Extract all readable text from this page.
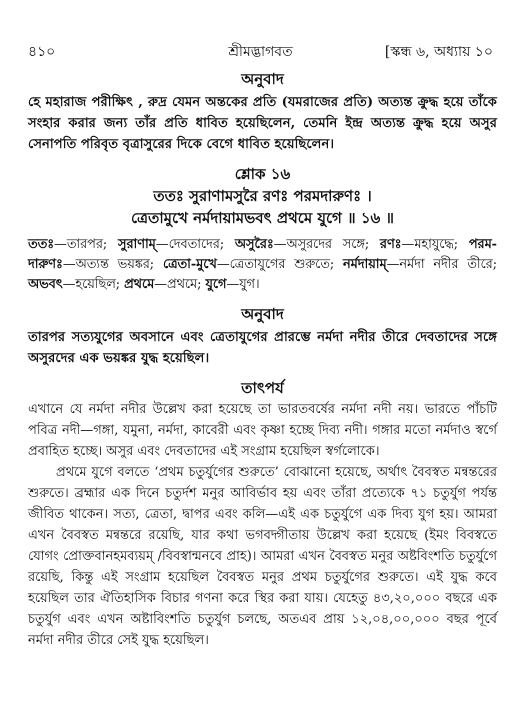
৪১০	শ্রীমদ্ভাগবত	[স্কন্ধ ৬, অধ্যায় ১০

অনুবাদ

হে মহারাজ পরীক্ষিৎ , রুদ্র যেমন অন্তকের প্রতি (যমরাজের প্রতি) অত্যন্ত ক্রুদ্ধ হয়ে তাঁকে সংহার করার জন্য তাঁর প্রতি ধাবিত হয়েছিলেন, তেমনি ইন্দ্র অত্যন্ত ক্রুদ্ধ হয়ে অসুর সেনাপতি পরিবৃত বৃত্রাসুরের দিকে বেগে ধাবিত হয়েছিলেন।

শ্লোক ১৬

ততঃ সুরাণামসুরৈ রণঃ পরমদারুণঃ ।

ত্রেতামুখে নর্মদায়ামভবৎ প্রথমে যুগে ॥ ১৬ ॥

ততঃ—তারপর; সুরাণাম্—দেবতাদের; অসুরৈঃ—অসুরদের সঙ্গে; রণঃ—মহাযুদ্ধে; পরম-দারুণঃ—অত্যন্ত ভয়ঙ্কর; ত্রেতা-মুখে—ত্রেতাযুগের শুরুতে; নর্মদায়াম্—নর্মদা নদীর তীরে; অভবৎ—হয়েছিল; প্রথমে—প্রথমে; যুগে—যুগ।

অনুবাদ

তারপর সত্যযুগের অবসানে এবং ত্রেতাযুগের প্রারম্ভে নর্মদা নদীর তীরে দেবতাদের সঙ্গে অসুরদের এক ভয়ঙ্কর যুদ্ধ হয়েছিল।

তাৎপর্য

এখানে যে নর্মদা নদীর উল্লেখ করা হয়েছে তা ভারতবর্ষের নর্মদা নদী নয়। ভারতে পাঁচটি পবিত্র নদী—গঙ্গা, যমুনা, নর্মদা, কাবেরী এবং কৃষ্ণা হচ্ছে দিব্য নদী। গঙ্গার মতো নর্মদাও স্বর্গে প্রবাহিত হচ্ছে। অসুর এবং দেবতাদের এই সংগ্রাম হয়েছিল স্বর্গলোকে।

প্রথমে যুগে বলতে ‘প্রথম চতুর্যুগের শুরুতে’ বোঝানো হয়েছে, অর্থাৎ বৈবস্বত মন্বন্তরের শুরুতে। ব্রহ্মার এক দিনে চতুর্দশ মনুর আবির্ভাব হয় এবং তাঁরা প্রত্যেকে ৭১ চতুর্যুগ পর্যন্ত জীবিত থাকেন। সত্য, ত্রেতা, দ্বাপর এবং কলি—এই এক চতুর্যুগে এক দিব্য যুগ হয়। আমরা এখন বৈবস্বত মন্বন্তরে রয়েছি, যার কথা ভগবদ্গীতায় উল্লেখ করা হয়েছে (ইমং বিবস্বতে যোগং প্রোক্তবানহমব্যয়ম্ /বিবস্বান্মনবে প্রাহ)। আমরা এখন বৈবস্বত মনুর অষ্টবিংশতি চতুর্যুগে রয়েছি, কিন্তু এই সংগ্রাম হয়েছিল বৈবস্বত মনুর প্রথম চতুর্যুগের শুরুতে। এই যুদ্ধ কবে হয়েছিল তার ঐতিহাসিক বিচার গণনা করে স্থির করা যায়। যেহেতু ৪৩,২০,০০০ বছরে এক চতুর্যুগ এবং এখন অষ্টাবিংশতি চতুর্যুগ চলছে, অতএব প্রায় ১২,০৪,০০,০০০ বছর পূর্বে নর্মদা নদীর তীরে সেই যুদ্ধ হয়েছিল।
